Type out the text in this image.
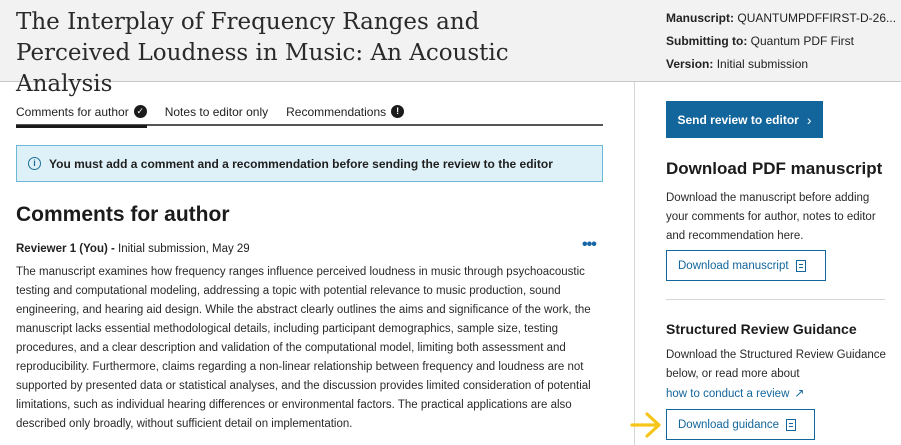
The Interplay of Frequency Ranges and Perceived Loudness in Music: An Acoustic Analysis
Manuscript: QUANTUMPDFFIRST-D-26...
Submitting to: Quantum PDF First
Version: Initial submission
Comments for author ✓ Notes to editor only Recommendations	!
i	You must add a comment and a recommendation before sending the review to the editor
Comments for author
Reviewer 1 (You) - Initial submission, May 29	•••

The manuscript examines how frequency ranges influence perceived loudness in music through psychoacoustic testing and computational modeling, addressing a topic with potential relevance to music production, sound engineering, and hearing aid design. While the abstract clearly outlines the aims and significance of the work, the manuscript lacks essential methodological details, including participant demographics, sample size, testing procedures, and a clear description and validation of the computational model, limiting both assessment and reproducibility. Furthermore, claims regarding a non-linear relationship between frequency and loudness are not supported by presented data or statistical analyses, and the discussion provides limited consideration of potential limitations, such as individual hearing differences or environmental factors. The practical applications are also described only broadly, without sufficient detail on implementation.

Send review to editor ›
Download PDF manuscript

Download the manuscript before adding your comments for author, notes to editor and recommendation here.

Download manuscript
Structured Review Guidance

Download the Structured Review Guidance below, or read more about how to conduct a review ↗

Download guidance
